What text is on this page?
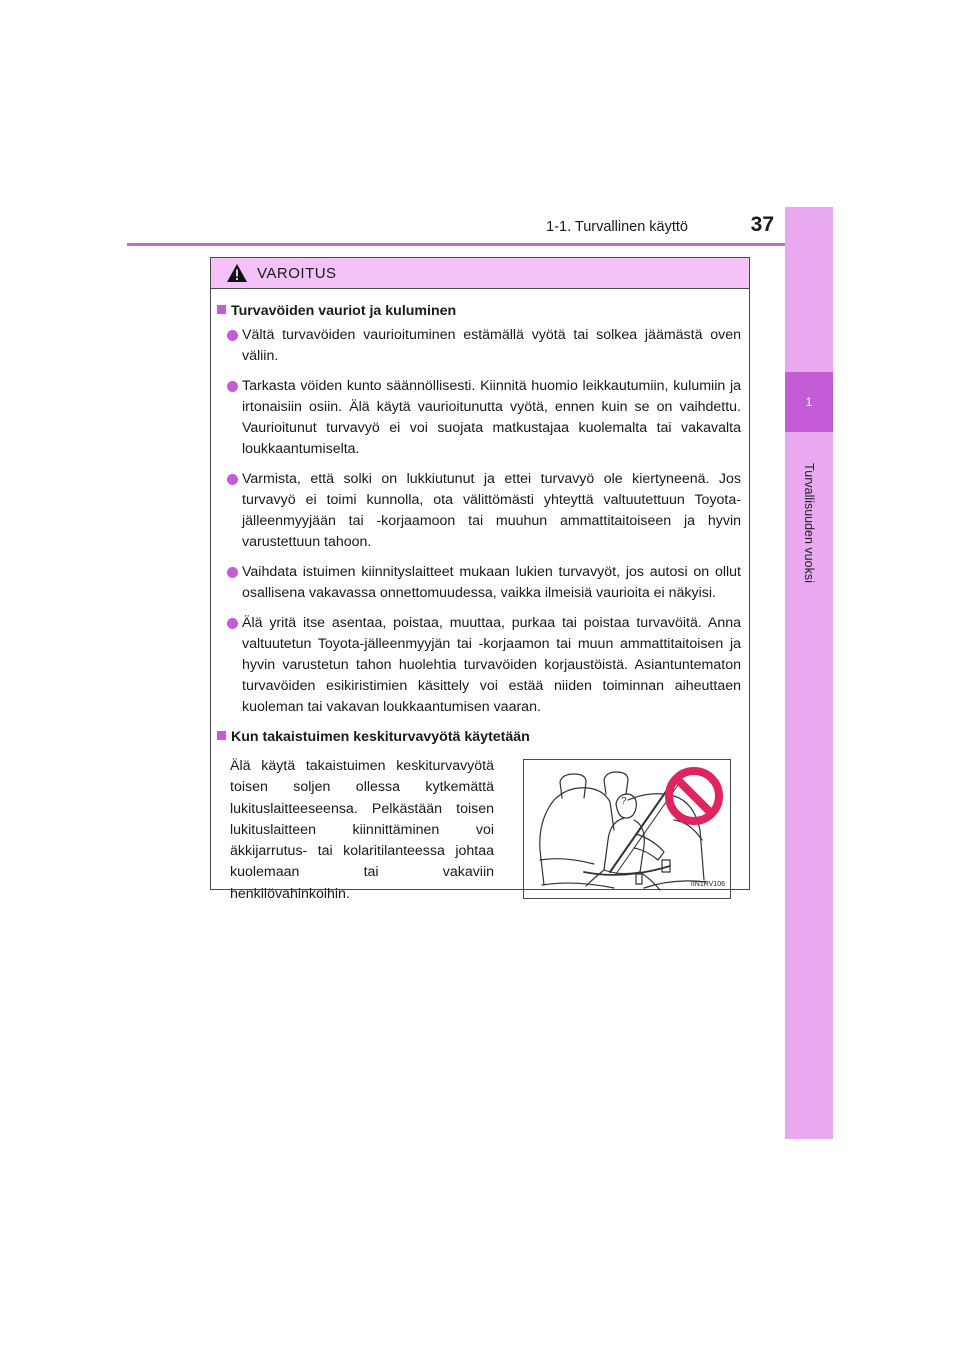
1-1. Turvallinen käyttö	37
1
Turvallisuuden vuoksi
VAROITUS
Turvavöiden vauriot ja kuluminen
Vältä turvavöiden vaurioituminen estämällä vyötä tai solkea jäämästä oven väliin.
Tarkasta vöiden kunto säännöllisesti. Kiinnitä huomio leikkautumiin, kulumiin ja irtonaisiin osiin. Älä käytä vaurioitunutta vyötä, ennen kuin se on vaihdettu. Vaurioitunut turvavyö ei voi suojata matkustajaa kuolemalta tai vakavalta loukkaantumiselta.
Varmista, että solki on lukkiutunut ja ettei turvavyö ole kiertyneenä. Jos turvavyö ei toimi kunnolla, ota välittömästi yhteyttä valtuutettuun Toyota-jälleenmyyjään tai -korjaamoon tai muuhun ammattitaitoiseen ja hyvin varustettuun tahoon.
Vaihdata istuimen kiinnityslaitteet mukaan lukien turvavyöt, jos autosi on ollut osallisena vakavassa onnettomuudessa, vaikka ilmeisiä vaurioita ei näkyisi.
Älä yritä itse asentaa, poistaa, muuttaa, purkaa tai poistaa turvavöitä. Anna valtuutetun Toyota-jälleenmyyjän tai -korjaamon tai muun ammattitaitoisen ja hyvin varustetun tahon huolehtia turvavöiden korjaustöistä. Asiantuntematon turvavöiden esikiristimien käsittely voi estää niiden toiminnan aiheuttaen kuoleman tai vakavan loukkaantumisen vaaran.
Kun takaistuimen keskiturvavyötä käytetään
Älä käytä takaistuimen keskiturvavyötä toisen soljen ollessa kytkemättä lukituslaitteeseensa. Pelkästään toisen lukituslaitteen kiinnittäminen voi äkkijarrutus- tai kolaritilanteessa johtaa kuolemaan tai vakaviin henkilövahinkoihin.
?
IIN1RV106
